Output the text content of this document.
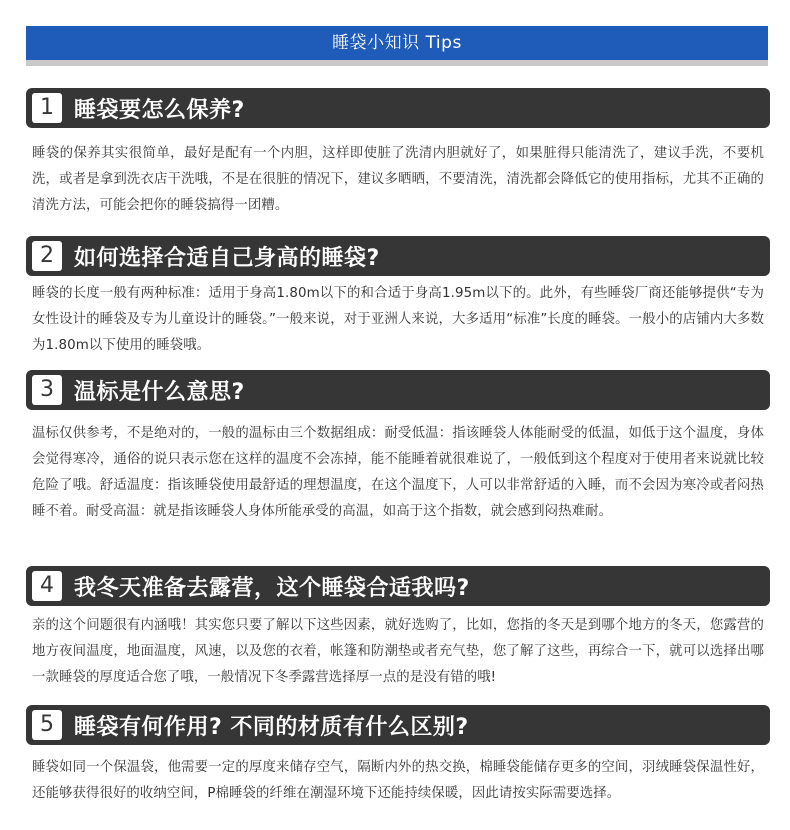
睡袋小知识 Tips
1 睡袋要怎么保养?

睡袋的保养其实很简单，最好是配有一个内胆，这样即使脏了洗清内胆就好了，如果脏得只能清洗了，建议手洗，不要机洗，或者是拿到洗衣店干洗哦，不是在很脏的情况下，建议多晒晒，不要清洗，清洗都会降低它的使用指标，尤其不正确的清洗方法，可能会把你的睡袋搞得一团糟。

2 如何选择合适自己身高的睡袋?

睡袋的长度一般有两种标准：适用于身高1.80m以下的和合适于身高1.95m以下的。此外，有些睡袋厂商还能够提供“专为女性设计的睡袋及专为儿童设计的睡袋。”一般来说，对于亚洲人来说，大多适用“标准”长度的睡袋。一般小的店铺内大多数为1.80m以下使用的睡袋哦。

3 温标是什么意思?

温标仅供参考，不是绝对的，一般的温标由三个数据组成：耐受低温：指该睡袋人体能耐受的低温，如低于这个温度，身体会觉得寒冷，通俗的说只表示您在这样的温度不会冻掉，能不能睡着就很难说了，一般低到这个程度对于使用者来说就比较危险了哦。舒适温度：指该睡袋使用最舒适的理想温度，在这个温度下，人可以非常舒适的入睡，而不会因为寒冷或者闷热睡不着。耐受高温：就是指该睡袋人身体所能承受的高温，如高于这个指数，就会感到闷热难耐。

4 我冬天准备去露营，这个睡袋合适我吗?

亲的这个问题很有内涵哦！其实您只要了解以下这些因素，就好选购了，比如，您指的冬天是到哪个地方的冬天，您露营的地方夜间温度，地面温度，风速，以及您的衣着，帐篷和防潮垫或者充气垫，您了解了这些，再综合一下，就可以选择出哪一款睡袋的厚度适合您了哦，一般情况下冬季露营选择厚一点的是没有错的哦!

5 睡袋有何作用? 不同的材质有什么区别?

睡袋如同一个保温袋，他需要一定的厚度来储存空气，隔断内外的热交换，棉睡袋能储存更多的空间，羽绒睡袋保温性好，还能够获得很好的收纳空间，P棉睡袋的纤维在潮湿环境下还能持续保暖，因此请按实际需要选择。
